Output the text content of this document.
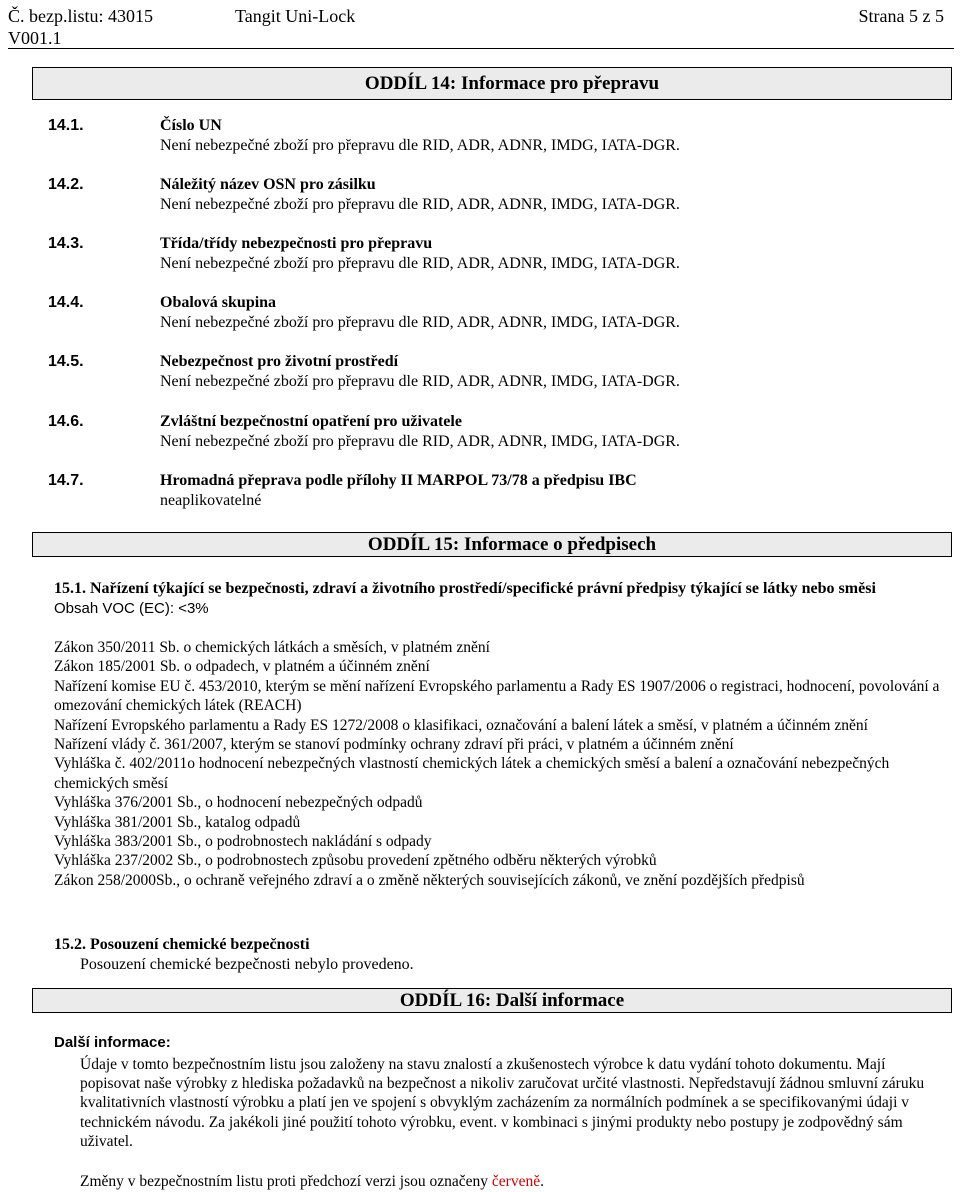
Č. bezp.listu: 43015
V001.1
Tangit Uni-Lock	Strana 5 z 5
ODDÍL 14: Informace pro přepravu
14.1.	Číslo UN
Není nebezpečné zboží pro přepravu dle RID, ADR, ADNR, IMDG, IATA-DGR.
14.2.	Náležitý název OSN pro zásilku
Není nebezpečné zboží pro přepravu dle RID, ADR, ADNR, IMDG, IATA-DGR.
14.3.	Třída/třídy nebezpečnosti pro přepravu
Není nebezpečné zboží pro přepravu dle RID, ADR, ADNR, IMDG, IATA-DGR.
14.4.	Obalová skupina
Není nebezpečné zboží pro přepravu dle RID, ADR, ADNR, IMDG, IATA-DGR.
14.5.	Nebezpečnost pro životní prostředí
Není nebezpečné zboží pro přepravu dle RID, ADR, ADNR, IMDG, IATA-DGR.
14.6.	Zvláštní bezpečnostní opatření pro uživatele
Není nebezpečné zboží pro přepravu dle RID, ADR, ADNR, IMDG, IATA-DGR.
14.7.	Hromadná přeprava podle přílohy II MARPOL 73/78 a předpisu IBC
neaplikovatelné
ODDÍL 15: Informace o předpisech
15.1. Nařízení týkající se bezpečnosti, zdraví a životního prostředí/specifické právní předpisy týkající se látky nebo směsi
Obsah VOC (EC): <3%
Zákon 350/2011 Sb. o chemických látkách a směsích, v platném znění
Zákon 185/2001 Sb. o odpadech, v platném a účinném znění
Nařízení komise EU č. 453/2010, kterým se mění nařízení Evropského parlamentu a Rady ES 1907/2006 o registraci, hodnocení, povolování a omezování chemických látek (REACH)
Nařízení Evropského parlamentu a Rady ES 1272/2008 o klasifikaci, označování a balení látek a směsí, v platném a účinném znění
Nařízení vlády č. 361/2007, kterým se stanoví podmínky ochrany zdraví při práci, v platném a účinném znění
Vyhláška č. 402/2011o hodnocení nebezpečných vlastností chemických látek a chemických směsí a balení a označování nebezpečných chemických směsí
Vyhláška 376/2001 Sb., o hodnocení nebezpečných odpadů
Vyhláška 381/2001 Sb., katalog odpadů
Vyhláška 383/2001 Sb., o podrobnostech nakládání s odpady
Vyhláška 237/2002 Sb., o podrobnostech způsobu provedení zpětného odběru některých výrobků
Zákon 258/2000Sb., o ochraně veřejného zdraví a o změně některých souvisejících zákonů, ve znění pozdějších předpisů
15.2. Posouzení chemické bezpečnosti
Posouzení chemické bezpečnosti nebylo provedeno.
ODDÍL 16: Další informace
Další informace:
Údaje v tomto bezpečnostním listu jsou založeny na stavu znalostí a zkušenostech výrobce k datu vydání tohoto dokumentu. Mají popisovat naše výrobky z hlediska požadavků na bezpečnost a nikoliv zaručovat určité vlastnosti. Nepředstavují žádnou smluvní záruku kvalitativních vlastností výrobku a platí jen ve spojení s obvyklým zacházením za normálních podmínek a se specifikovanými údaji v technickém návodu. Za jakékoli jiné použití tohoto výrobku, event. v kombinaci s jinými produkty nebo postupy je zodpovědný sám uživatel.
Změny v bezpečnostním listu proti předchozí verzi jsou označeny červeně.
